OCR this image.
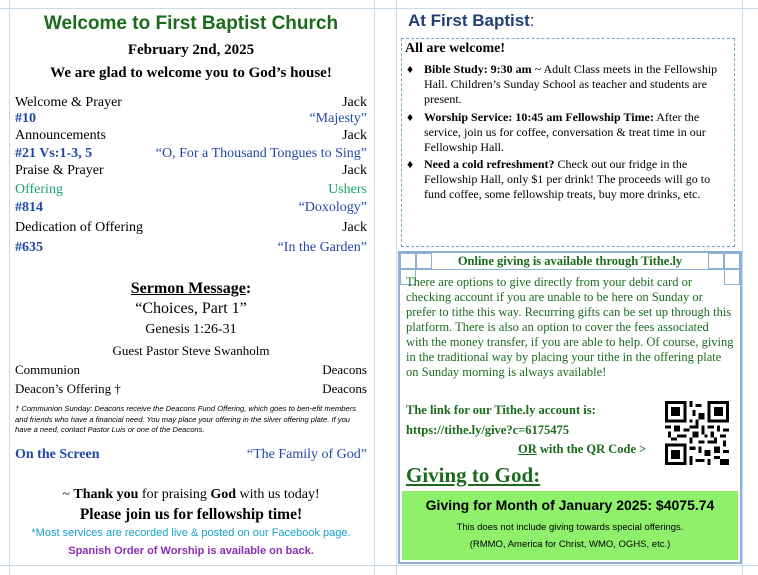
Welcome to First Baptist Church
February 2nd, 2025
We are glad to welcome you to God’s house!
Welcome & Prayer	Jack
#10	“Majesty”
Announcements	Jack
#21 Vs:1-3, 5	“O, For a Thousand Tongues to Sing”
Praise & Prayer	Jack
Offering	Ushers
#814	“Doxology”
Dedication of Offering	Jack
#635	“In the Garden”
Sermon Message:
“Choices, Part 1”
Genesis 1:26-31
Guest Pastor Steve Swanholm
Communion	Deacons
Deacon’s Offering †	Deacons
† Communion Sunday: Deacons receive the Deacons Fund Offering, which goes to ben-efit members and friends who have a financial need. You may place your offering in the silver offering plate. If you have a need, contact Pastor Luis or one of the Deacons.
On the Screen	“The Family of God”
~ Thank you for praising God with us today!
Please join us for fellowship time!
*Most services are recorded live & posted on our Facebook page.
Spanish Order of Worship is available on back.
At First Baptist:
All are welcome!
♦ Bible Study: 9:30 am ~ Adult Class meets in the Fellowship Hall. Children’s Sunday School as teacher and students are present.
♦ Worship Service: 10:45 am Fellowship Time: After the service, join us for coffee, conversation & treat time in our Fellowship Hall.
♦ Need a cold refreshment? Check out our fridge in the Fellowship Hall, only $1 per drink! The proceeds will go to fund coffee, some fellowship treats, buy more drinks, etc.
Online giving is available through Tithe.ly
There are options to give directly from your debit card or checking account if you are unable to be here on Sunday or prefer to tithe this way. Recurring gifts can be set up through this platform. There is also an option to cover the fees associated with the money transfer, if you are able to help. Of course, giving in the traditional way by placing your tithe in the offering plate on Sunday morning is always available!
The link for our Tithe.ly account is:
https://tithe.ly/give?c=6175475
OR with the QR Code >
Giving to God:
Giving for Month of January 2025: $4075.74
This does not include giving towards special offerings.
(RMMO, America for Christ, WMO, OGHS, etc.)
